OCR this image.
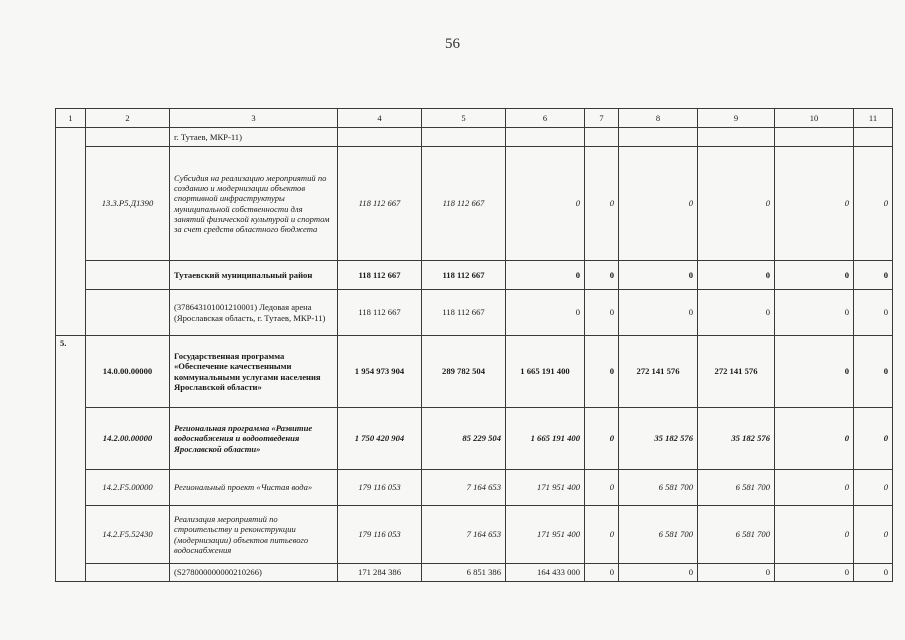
56
1	2	3	4	5	6	7	8	9	10	11
		г. Тутаев, МКР-11)								
	13.3.P5.Д1390	Субсидия на реализацию мероприятий по созданию и модернизации объектов спортивной инфраструктуры муниципальной собственности для занятий физической культурой и спортом за счет средств областного бюджета	118 112 667	118 112 667	0	0	0	0	0	0
		Тутаевский муниципальный район	118 112 667	118 112 667	0	0	0	0	0	0
		(378643101001210001) Ледовая арена (Ярославская область, г. Тутаев, МКР-11)	118 112 667	118 112 667	0	0	0	0	0	0
5.	14.0.00.00000	Государственная программа «Обеспечение качественными коммунальными услугами населения Ярославской области»	1 954 973 904	289 782 504	1 665 191 400	0	272 141 576	272 141 576	0	0
	14.2.00.00000	Региональная программа «Развитие водоснабжения и водоотведения Ярославской области»	1 750 420 904	85 229 504	1 665 191 400	0	35 182 576	35 182 576	0	0
	14.2.F5.00000	Региональный проект «Чистая вода»	179 116 053	7 164 653	171 951 400	0	6 581 700	6 581 700	0	0
	14.2.F5.52430	Реализация мероприятий по строительству и реконструкции (модернизации) объектов питьевого водоснабжения	179 116 053	7 164 653	171 951 400	0	6 581 700	6 581 700	0	0
		(S278000000000210266)	171 284 386	6 851 386	164 433 000	0	0	0	0	0
